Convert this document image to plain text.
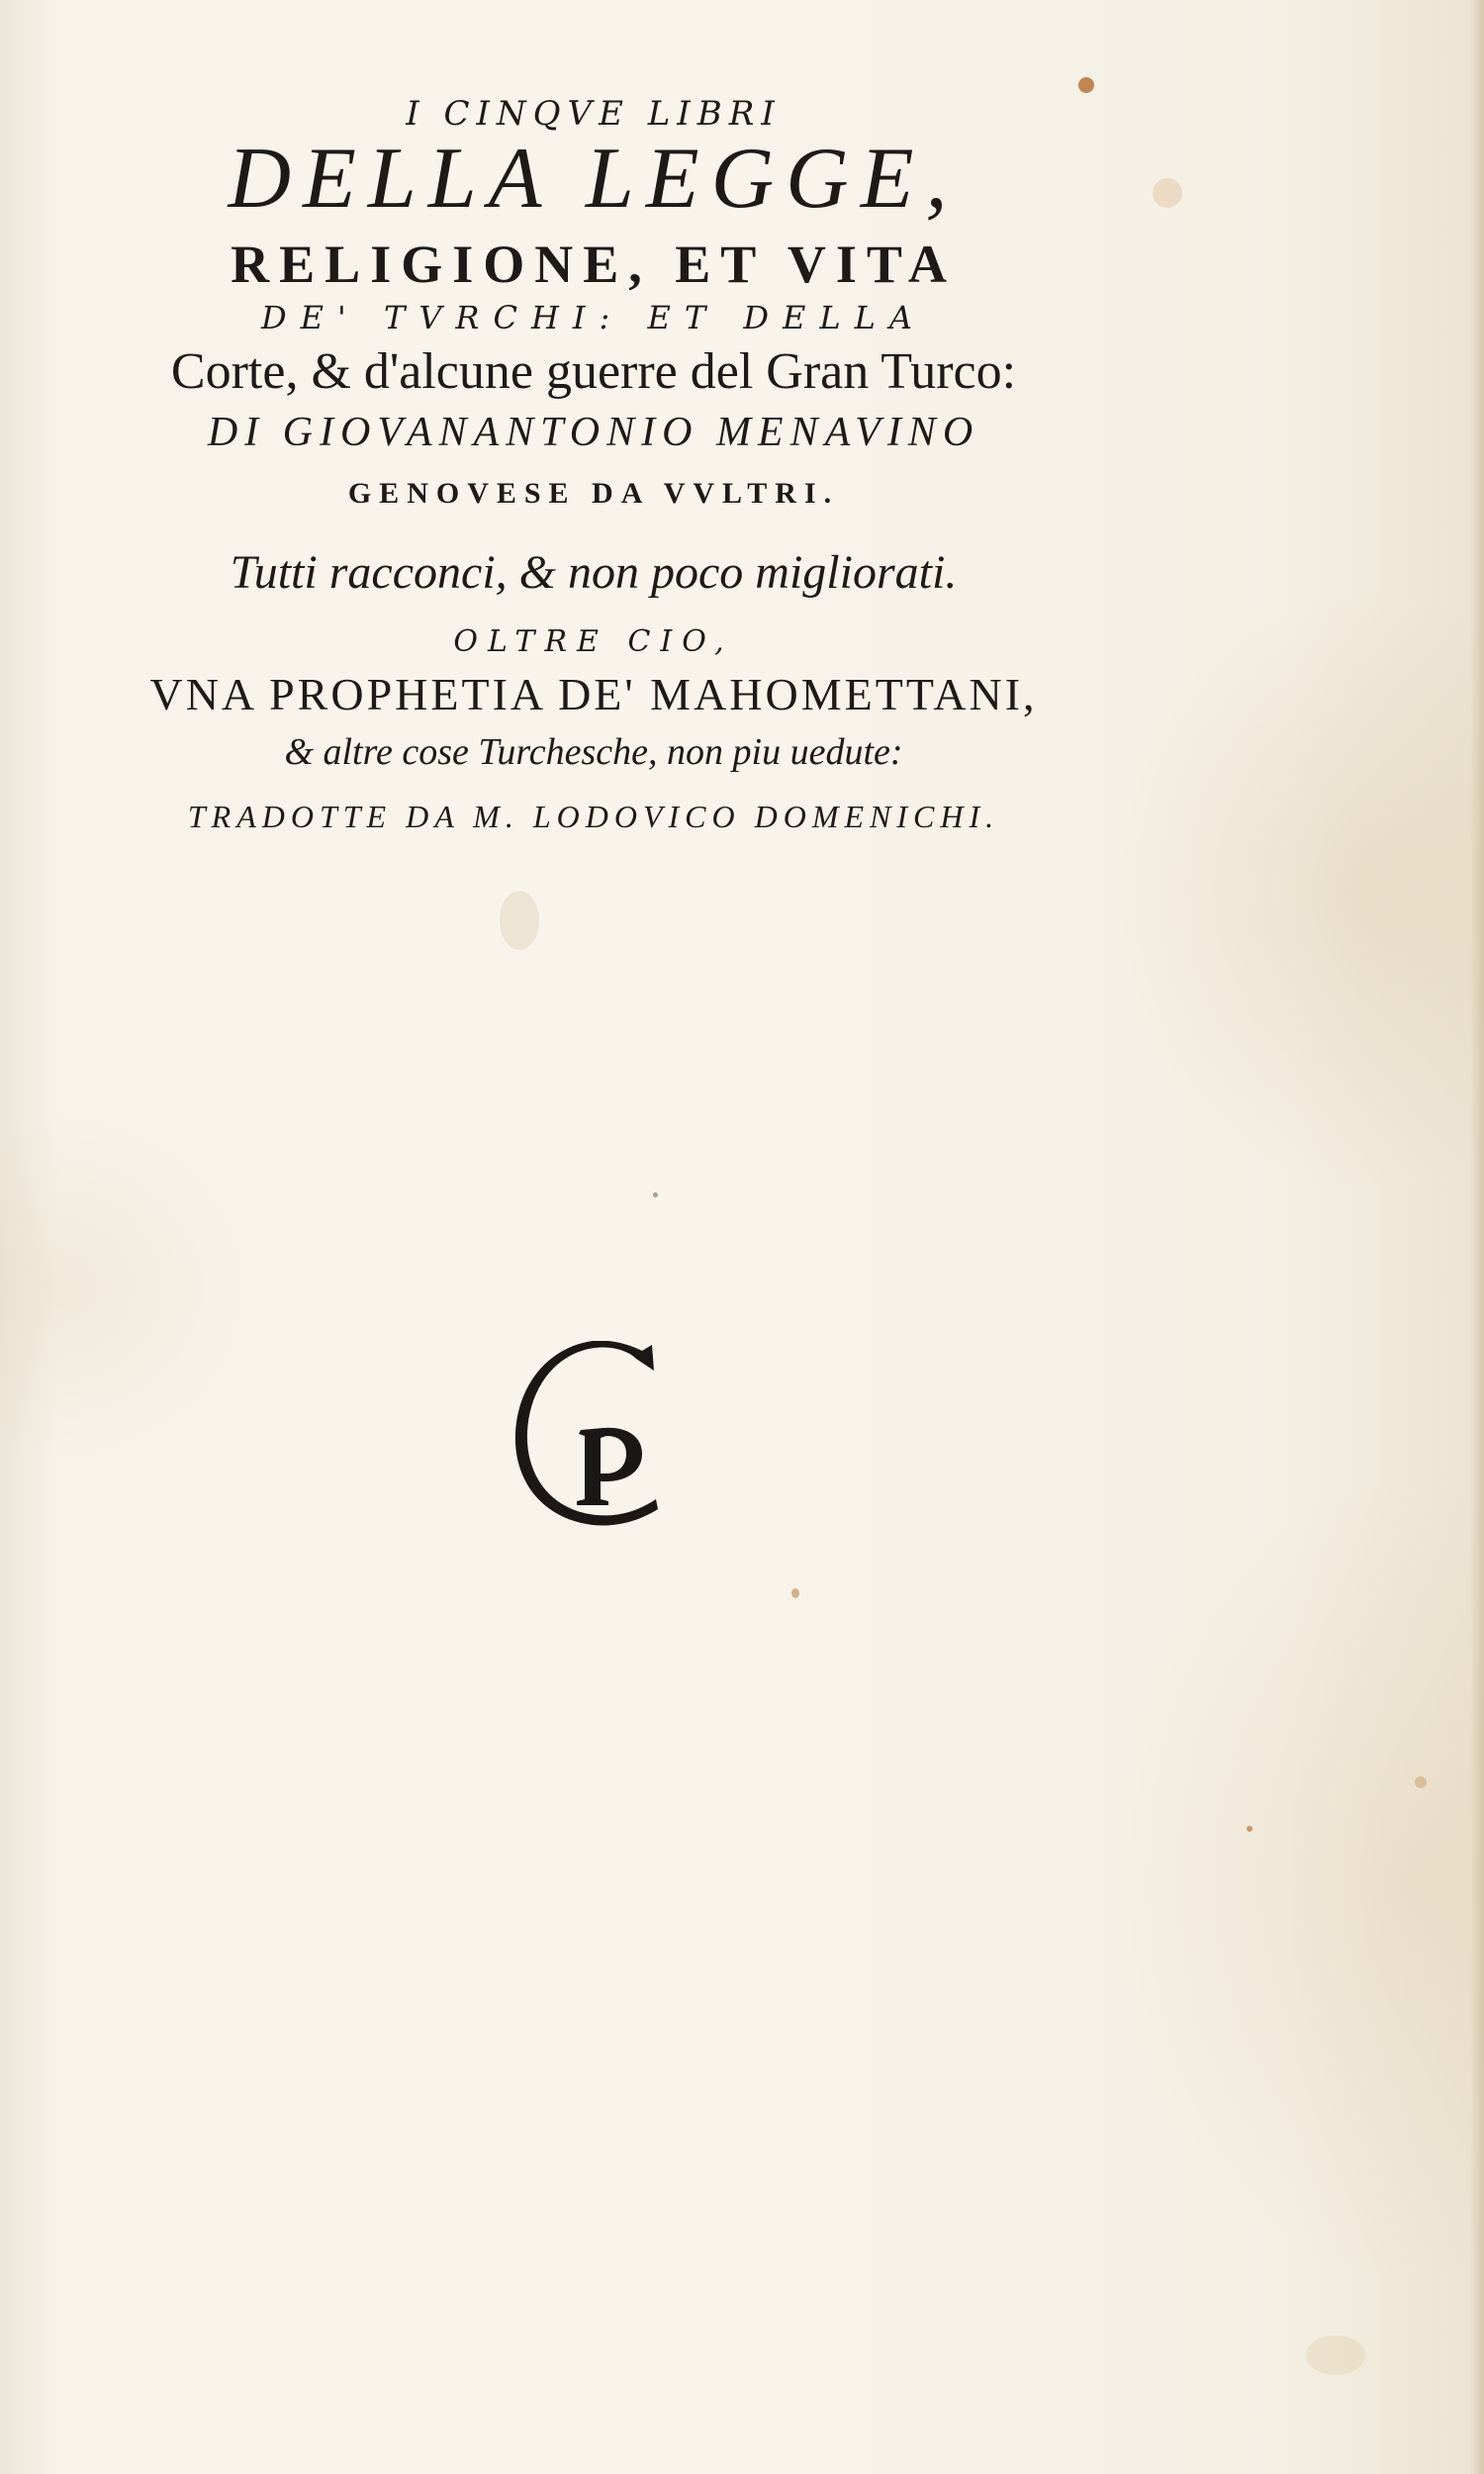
I CINQVE LIBRI
DELLA LEGGE,
RELIGIONE, ET VITA
DE' TVRCHI: ET DELLA
Corte, & d'alcune guerre del Gran Turco:
DI GIOVANANTONIO MENAVINO
GENOVESE DA VVLTRI.
Tutti racconci, & non poco migliorati.
OLTRE CIO,
VNA PROPHETIA DE' MAHOMETTANI,
& altre cose Turchesche, non piu uedute:
TRADOTTE DA M. LODOVICO DOMENICHI.
